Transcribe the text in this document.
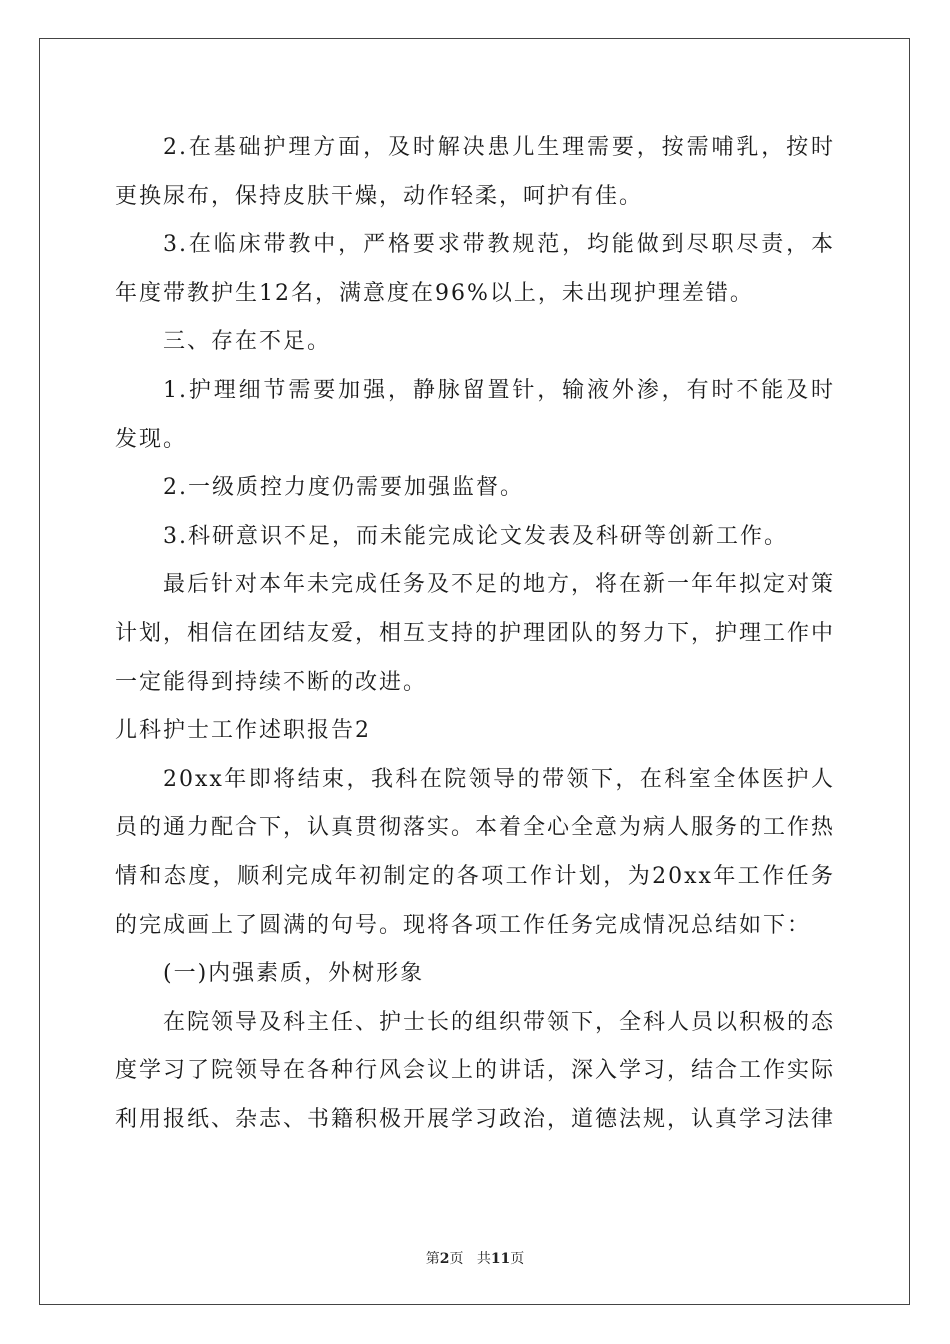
2.在基础护理方面，及时解决患儿生理需要，按需哺乳，按时更换尿布，保持皮肤干燥，动作轻柔，呵护有佳。

3.在临床带教中，严格要求带教规范，均能做到尽职尽责，本年度带教护生12名，满意度在96%以上，未出现护理差错。

三、存在不足。

1.护理细节需要加强，静脉留置针，输液外渗，有时不能及时发现。

2.一级质控力度仍需要加强监督。

3.科研意识不足，而未能完成论文发表及科研等创新工作。

最后针对本年未完成任务及不足的地方，将在新一年年拟定对策计划，相信在团结友爱，相互支持的护理团队的努力下，护理工作中一定能得到持续不断的改进。

儿科护士工作述职报告2

20xx年即将结束，我科在院领导的带领下，在科室全体医护人员的通力配合下，认真贯彻落实。本着全心全意为病人服务的工作热情和态度，顺利完成年初制定的各项工作计划，为20xx年工作任务的完成画上了圆满的句号。现将各项工作任务完成情况总结如下：

(一)内强素质，外树形象

在院领导及科主任、护士长的组织带领下，全科人员以积极的态度学习了院领导在各种行风会议上的讲话，深入学习，结合工作实际利用报纸、杂志、书籍积极开展学习政治，道德法规，认真学习法律

第2页 共11页
